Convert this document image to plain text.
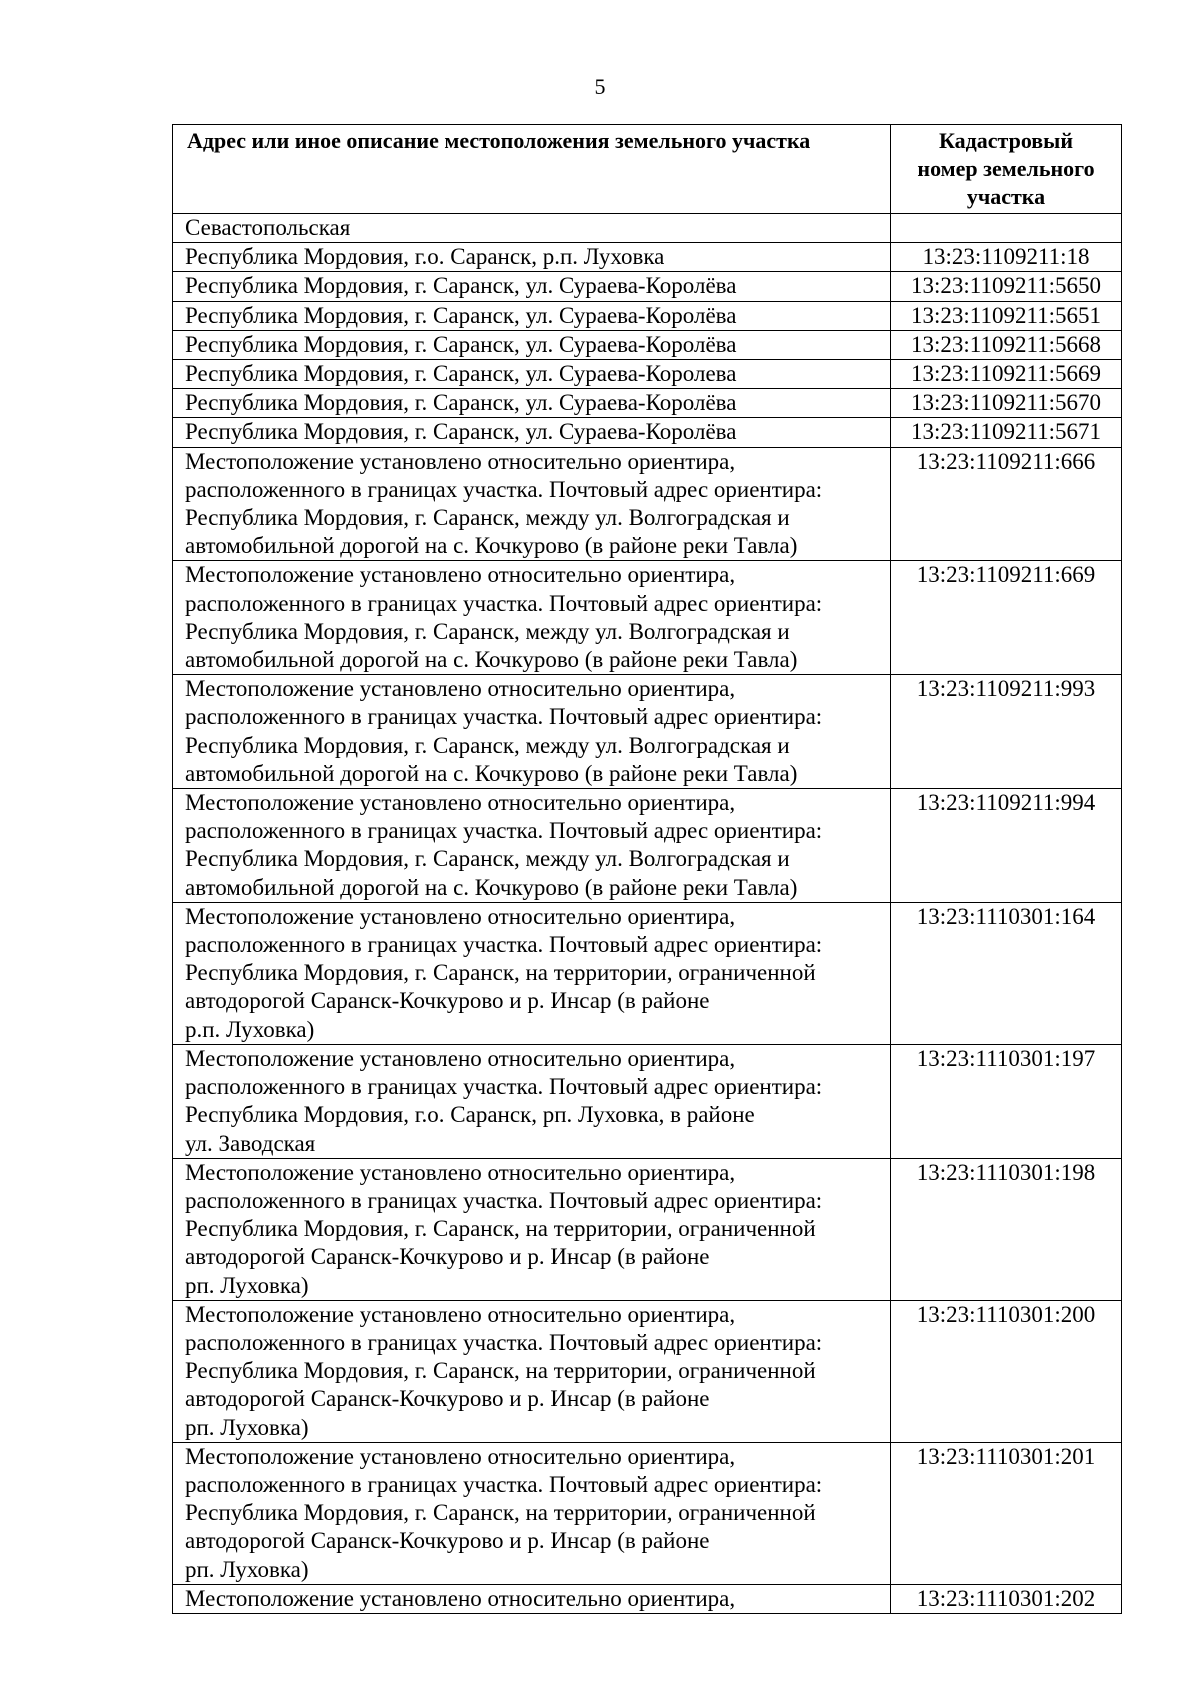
5
Адрес или иное описание местоположения земельного участка	Кадастровый
номер земельного
участка

Севастопольская	

Республика Мордовия, г.о. Саранск, р.п. Луховка	13:23:1109211:18

Республика Мордовия, г. Саранск, ул. Сураева-Королёва	13:23:1109211:5650

Республика Мордовия, г. Саранск, ул. Сураева-Королёва	13:23:1109211:5651

Республика Мордовия, г. Саранск, ул. Сураева-Королёва	13:23:1109211:5668

Республика Мордовия, г. Саранск, ул. Сураева-Королева	13:23:1109211:5669

Республика Мордовия, г. Саранск, ул. Сураева-Королёва	13:23:1109211:5670

Республика Мордовия, г. Саранск, ул. Сураева-Королёва	13:23:1109211:5671

Местоположение установлено относительно ориентира,
расположенного в границах участка. Почтовый адрес ориентира:
Республика Мордовия, г. Саранск, между ул. Волгоградская и
автомобильной дорогой на с. Кочкурово (в районе реки Тавла)	13:23:1109211:666

Местоположение установлено относительно ориентира,
расположенного в границах участка. Почтовый адрес ориентира:
Республика Мордовия, г. Саранск, между ул. Волгоградская и
автомобильной дорогой на с. Кочкурово (в районе реки Тавла)	13:23:1109211:669

Местоположение установлено относительно ориентира,
расположенного в границах участка. Почтовый адрес ориентира:
Республика Мордовия, г. Саранск, между ул. Волгоградская и
автомобильной дорогой на с. Кочкурово (в районе реки Тавла)	13:23:1109211:993

Местоположение установлено относительно ориентира,
расположенного в границах участка. Почтовый адрес ориентира:
Республика Мордовия, г. Саранск, между ул. Волгоградская и
автомобильной дорогой на с. Кочкурово (в районе реки Тавла)	13:23:1109211:994

Местоположение установлено относительно ориентира,
расположенного в границах участка. Почтовый адрес ориентира:
Республика Мордовия, г. Саранск, на территории, ограниченной
автодорогой Саранск-Кочкурово и р. Инсар (в районе
р.п. Луховка)	13:23:1110301:164

Местоположение установлено относительно ориентира,
расположенного в границах участка. Почтовый адрес ориентира:
Республика Мордовия, г.о. Саранск, рп. Луховка, в районе
ул. Заводская	13:23:1110301:197

Местоположение установлено относительно ориентира,
расположенного в границах участка. Почтовый адрес ориентира:
Республика Мордовия, г. Саранск, на территории, ограниченной
автодорогой Саранск-Кочкурово и р. Инсар (в районе
рп. Луховка)	13:23:1110301:198

Местоположение установлено относительно ориентира,
расположенного в границах участка. Почтовый адрес ориентира:
Республика Мордовия, г. Саранск, на территории, ограниченной
автодорогой Саранск-Кочкурово и р. Инсар (в районе
рп. Луховка)	13:23:1110301:200

Местоположение установлено относительно ориентира,
расположенного в границах участка. Почтовый адрес ориентира:
Республика Мордовия, г. Саранск, на территории, ограниченной
автодорогой Саранск-Кочкурово и р. Инсар (в районе
рп. Луховка)	13:23:1110301:201

Местоположение установлено относительно ориентира,	13:23:1110301:202
